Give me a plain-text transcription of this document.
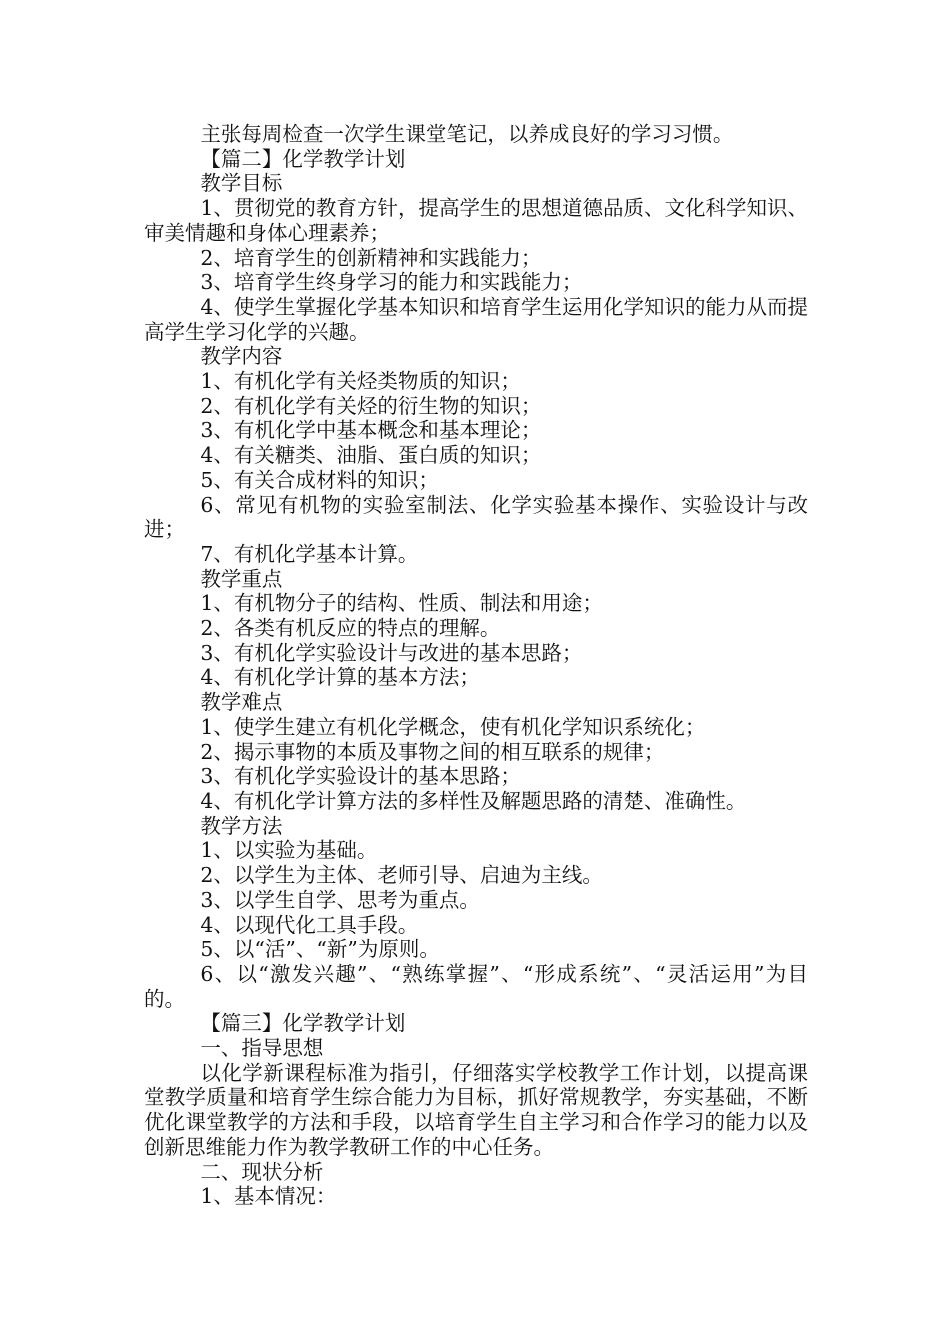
主张每周检查一次学生课堂笔记，以养成良好的学习习惯。

【篇二】化学教学计划

教学目标

1、贯彻党的教育方针，提高学生的思想道德品质、文化科学知识、审美情趣和身体心理素养；

2、培育学生的创新精神和实践能力；

3、培育学生终身学习的能力和实践能力；

4、使学生掌握化学基本知识和培育学生运用化学知识的能力从而提高学生学习化学的兴趣。

教学内容

1、有机化学有关烃类物质的知识；

2、有机化学有关烃的衍生物的知识；

3、有机化学中基本概念和基本理论；

4、有关糖类、油脂、蛋白质的知识；

5、有关合成材料的知识；

6、常见有机物的实验室制法、化学实验基本操作、实验设计与改进；

7、有机化学基本计算。

教学重点

1、有机物分子的结构、性质、制法和用途；

2、各类有机反应的特点的理解。

3、有机化学实验设计与改进的基本思路；

4、有机化学计算的基本方法；

教学难点

1、使学生建立有机化学概念，使有机化学知识系统化；

2、揭示事物的本质及事物之间的相互联系的规律；

3、有机化学实验设计的基本思路；

4、有机化学计算方法的多样性及解题思路的清楚、准确性。

教学方法

1、以实验为基础。

2、以学生为主体、老师引导、启迪为主线。

3、以学生自学、思考为重点。

4、以现代化工具手段。

5、以“活”、“新”为原则。

6、以“激发兴趣”、“熟练掌握”、“形成系统”、“灵活运用”为目的。

【篇三】化学教学计划

一、指导思想

以化学新课程标准为指引，仔细落实学校教学工作计划，以提高课堂教学质量和培育学生综合能力为目标，抓好常规教学，夯实基础，不断优化课堂教学的方法和手段，以培育学生自主学习和合作学习的能力以及创新思维能力作为教学教研工作的中心任务。

二、现状分析

1、基本情况：
